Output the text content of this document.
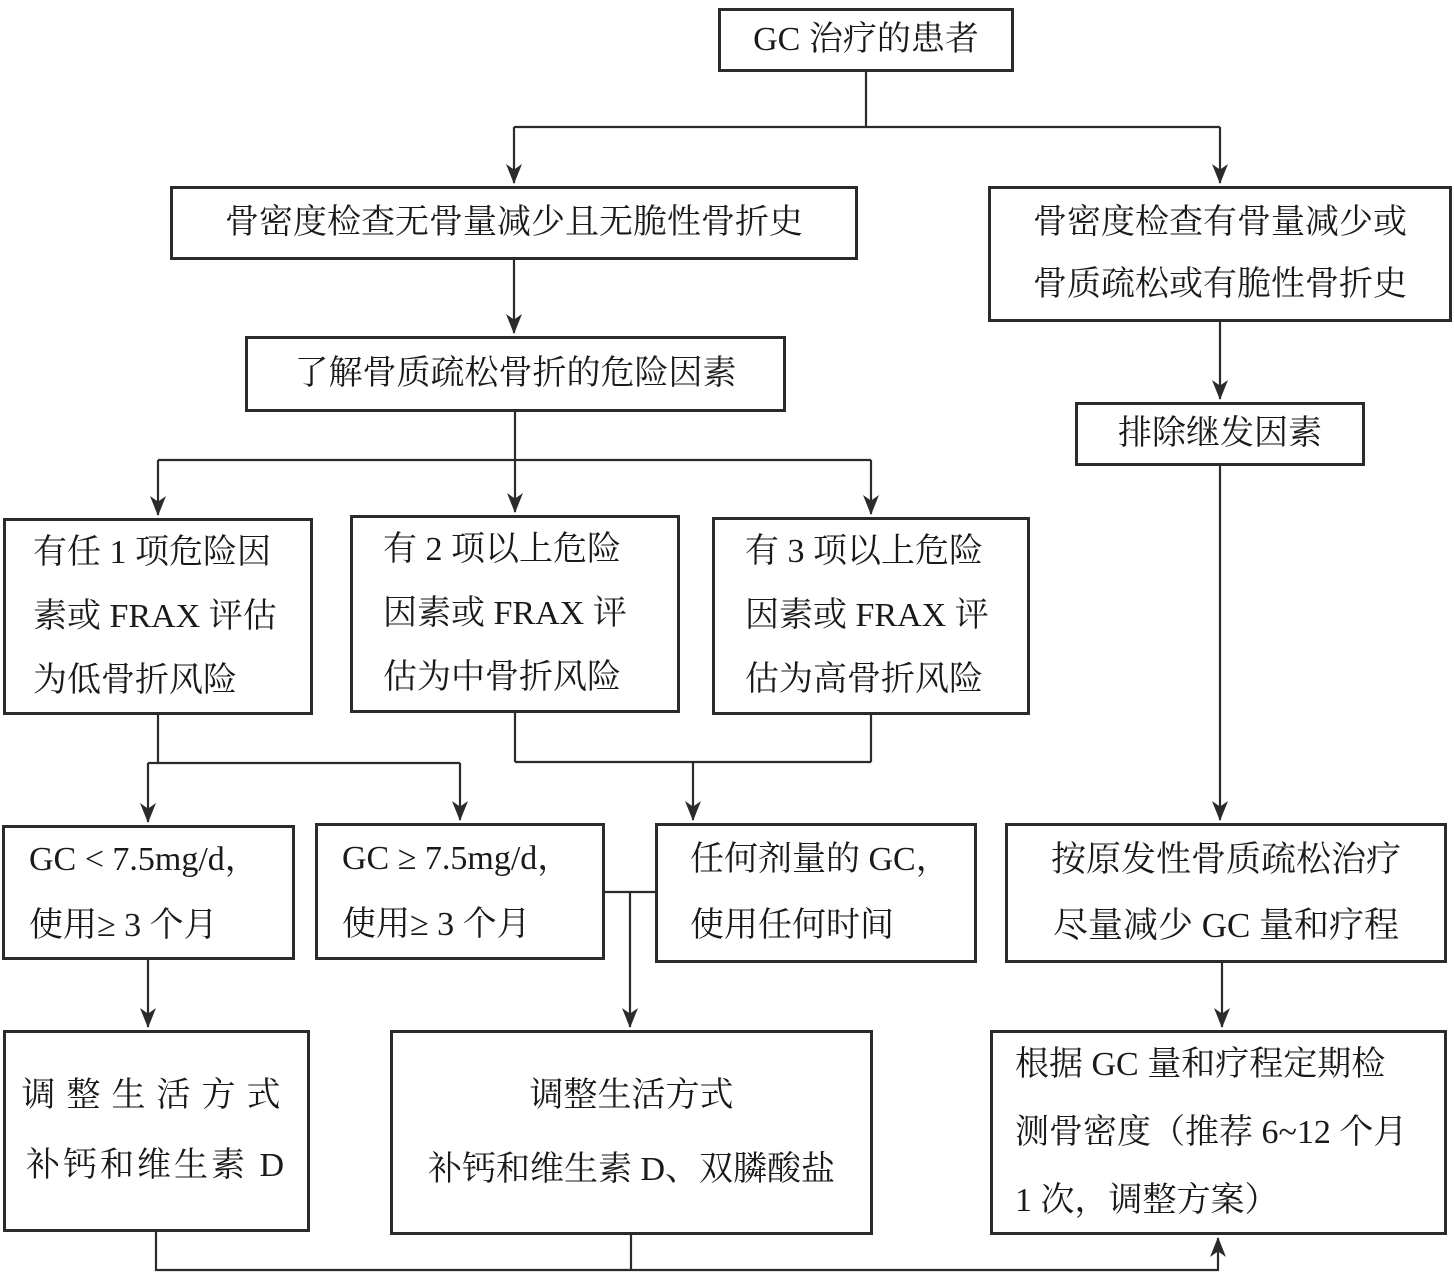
GC 治疗的患者
骨密度检查无骨量减少且无脆性骨折史	骨密度检查有骨量减少或
骨质疏松或有脆性骨折史
了解骨质疏松骨折的危险因素
排除继发因素
有任 1 项危险因
素或 FRAX 评估
为低骨折风险
有 2 项以上危险
因素或 FRAX 评
估为中骨折风险
有 3 项以上危险
因素或 FRAX 评
估为高骨折风险
GC < 7.5mg/d，
使用≥ 3 个月
GC ≥ 7.5mg/d，
使用≥ 3 个月
任何剂量的 GC，
使用任何时间
按原发性骨质疏松治疗
尽量减少 GC 量和疗程
调整生活方式
补钙和维生素 D
调整生活方式
补钙和维生素 D、双膦酸盐
根据 GC 量和疗程定期检
测骨密度（推荐 6~12 个月
1 次，调整方案）
